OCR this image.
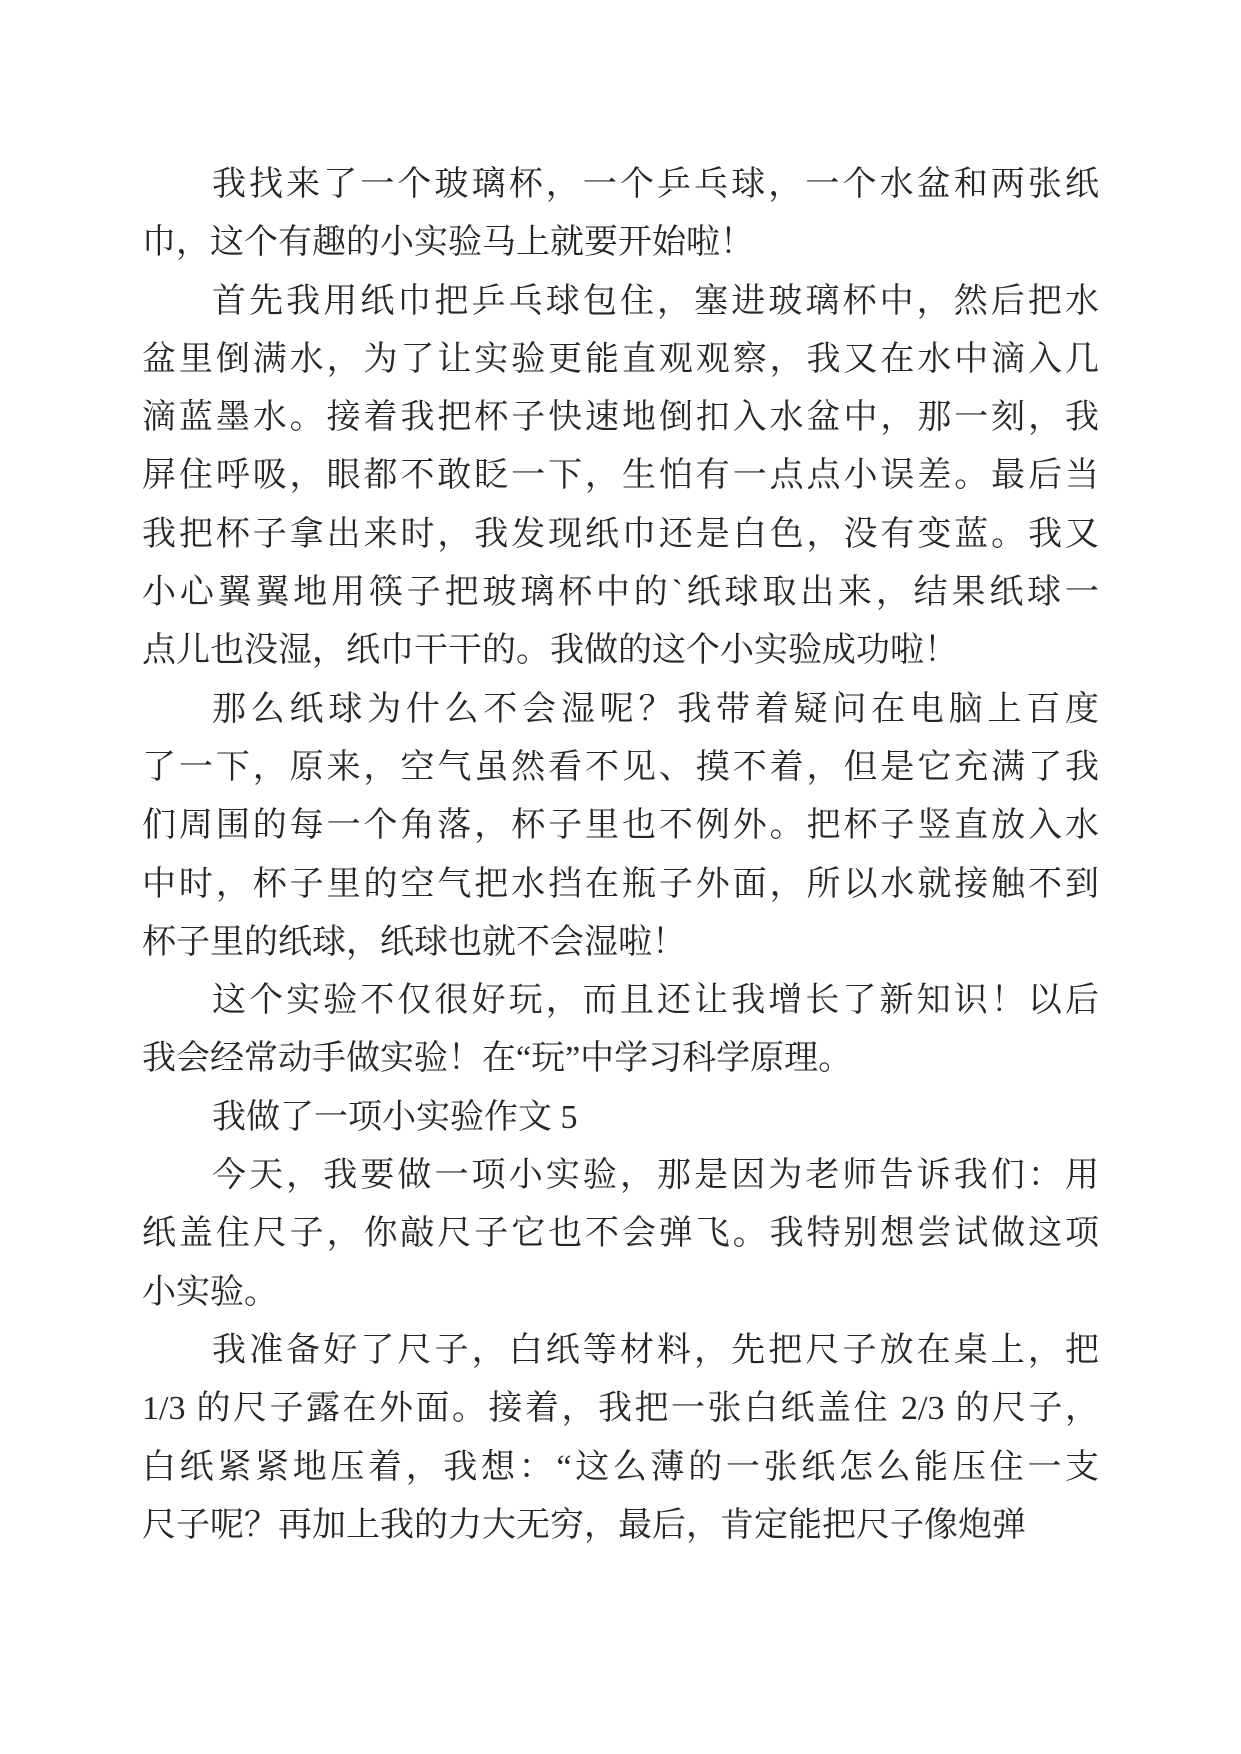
我找来了一个玻璃杯，一个乒乓球，一个水盆和两张纸
巾，这个有趣的小实验马上就要开始啦！
首先我用纸巾把乒乓球包住，塞进玻璃杯中，然后把水
盆里倒满水，为了让实验更能直观观察，我又在水中滴入几
滴蓝墨水。接着我把杯子快速地倒扣入水盆中，那一刻，我
屏住呼吸，眼都不敢眨一下，生怕有一点点小误差。最后当
我把杯子拿出来时，我发现纸巾还是白色，没有变蓝。我又
小心翼翼地用筷子把玻璃杯中的`纸球取出来，结果纸球一
点儿也没湿，纸巾干干的。我做的这个小实验成功啦！
那么纸球为什么不会湿呢？我带着疑问在电脑上百度
了一下，原来，空气虽然看不见、摸不着，但是它充满了我
们周围的每一个角落，杯子里也不例外。把杯子竖直放入水
中时，杯子里的空气把水挡在瓶子外面，所以水就接触不到
杯子里的纸球，纸球也就不会湿啦！
这个实验不仅很好玩，而且还让我增长了新知识！以后
我会经常动手做实验！在“玩”中学习科学原理。
我做了一项小实验作文 5
今天，我要做一项小实验，那是因为老师告诉我们：用
纸盖住尺子，你敲尺子它也不会弹飞。我特别想尝试做这项
小实验。
我准备好了尺子，白纸等材料，先把尺子放在桌上，把
1/3 的尺子露在外面。接着，我把一张白纸盖住 2/3 的尺子，
白纸紧紧地压着，我想：“这么薄的一张纸怎么能压住一支
尺子呢？再加上我的力大无穷，最后，肯定能把尺子像炮弹
